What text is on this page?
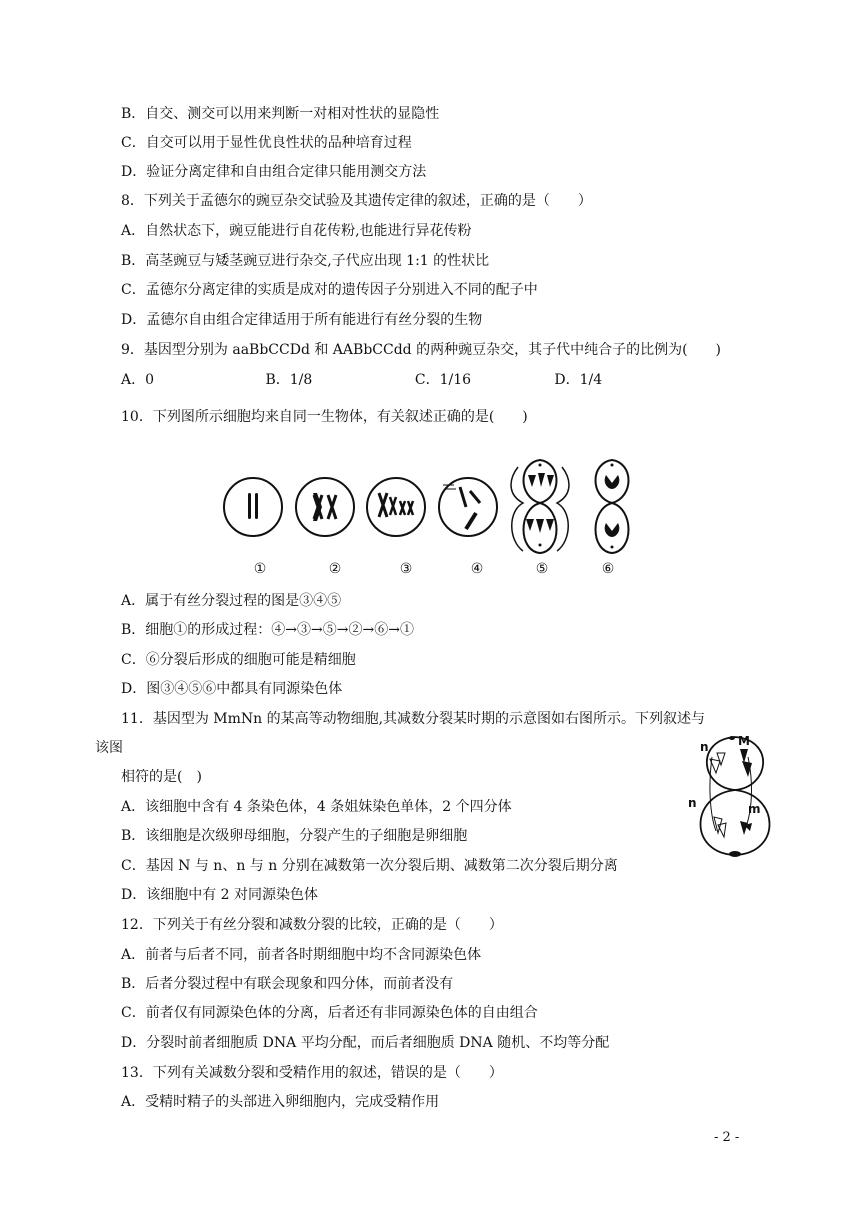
B．自交、测交可以用来判断一对相对性状的显隐性
C．自交可以用于显性优良性状的品种培育过程
D．验证分离定律和自由组合定律只能用测交方法
8．下列关于孟德尔的豌豆杂交试验及其遗传定律的叙述，正确的是（　　）
A．自然状态下，豌豆能进行自花传粉,也能进行异花传粉
B．高茎豌豆与矮茎豌豆进行杂交,子代应出现 1:1 的性状比
C．孟德尔分离定律的实质是成对的遗传因子分别进入不同的配子中
D．孟德尔自由组合定律适用于所有能进行有丝分裂的生物
9．基因型分别为 aaBbCCDd 和 AABbCCdd 的两种豌豆杂交，其子代中纯合子的比例为(　　)
A．0	B．1/8	C．1/16	D．1/4
10．下列图所示细胞均来自同一生物体，有关叙述正确的是(　　)
①	②	③	④	⑤	⑥
A．属于有丝分裂过程的图是③④⑤
B．细胞①的形成过程：④→③→⑤→②→⑥→①
C．⑥分裂后形成的细胞可能是精细胞
D．图③④⑤⑥中都具有同源染色体
11．基因型为 MmNn 的某高等动物细胞,其减数分裂某时期的示意图如右图所示。下列叙述与
该图
相符的是(　)
n M
n	m
A．该细胞中含有 4 条染色体，4 条姐妹染色单体，2 个四分体
B．该细胞是次级卵母细胞，分裂产生的子细胞是卵细胞
C．基因 N 与 n、n 与 n 分别在减数第一次分裂后期、减数第二次分裂后期分离
D．该细胞中有 2 对同源染色体
12．下列关于有丝分裂和减数分裂的比较，正确的是（　　）
A．前者与后者不同，前者各时期细胞中均不含同源染色体
B．后者分裂过程中有联会现象和四分体，而前者没有
C．前者仅有同源染色体的分离，后者还有非同源染色体的自由组合
D．分裂时前者细胞质 DNA 平均分配，而后者细胞质 DNA 随机、不均等分配
13．下列有关减数分裂和受精作用的叙述，错误的是（　　）
A．受精时精子的头部进入卵细胞内，完成受精作用
- 2 -
